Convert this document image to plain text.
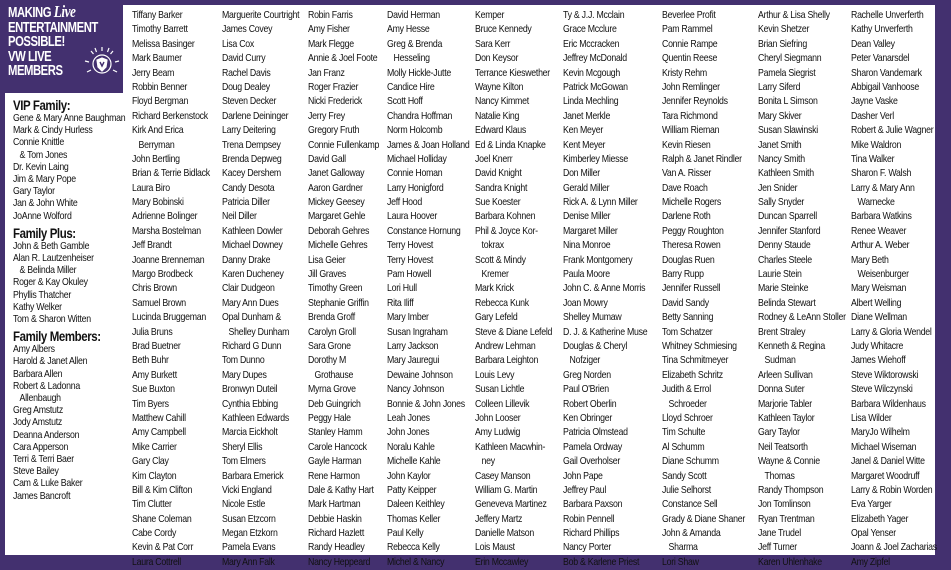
MAKING Live
ENTERTAINMENT
POSSIBLE!
VW LIVE
MEMBERS
VIP Family:
Gene & Mary Anne Baughman
Mark & Cindy Hurless
Connie Knittle
& Tom Jones
Dr. Kevin Laing
Jim & Mary Pope
Gary Taylor
Jan & John White
JoAnne Wolford
Family Plus:
John & Beth Gamble
Alan R. Lautzenheiser
& Belinda Miller
Roger & Kay Okuley
Phyllis Thatcher
Kathy Welker
Tom & Sharon Witten
Family Members:
Amy Albers
Harold & Janet Allen
Barbara Allen
Robert & Ladonna
Allenbaugh
Greg Amstutz
Jody Amstutz
Deanna Anderson
Cara Apperson
Terri & Terri Baer
Steve Bailey
Cam & Luke Baker
James Bancroft
Tiffany Barker
Timothy Barrett
Melissa Basinger
Mark Baumer
Jerry Beam
Robbin Benner
Floyd Bergman
Richard Berkenstock
Kirk And Erica
Berryman
John Bertling
Brian & Terrie Bidlack
Laura Biro
Mary Bobinski
Adrienne Bolinger
Marsha Bostelman
Jeff Brandt
Joanne Brenneman
Margo Brodbeck
Chris Brown
Samuel Brown
Lucinda Bruggeman
Julia Bruns
Brad Buetner
Beth Buhr
Amy Burkett
Sue Buxton
Tim Byers
Matthew Cahill
Amy Campbell
Mike Carrier
Gary Clay
Kim Clayton
Bill & Kim Clifton
Tim Clutter
Shane Coleman
Cabe Cordy
Kevin & Pat Corr
Laura Cottrell
Marguerite Courtright
James Covey
Lisa Cox
David Curry
Rachel Davis
Doug Dealey
Steven Decker
Darlene Deininger
Larry Deitering
Trena Dempsey
Brenda Depweg
Kacey Dershem
Candy Desota
Patricia Diller
Neil Diller
Kathleen Dowler
Michael Downey
Danny Drake
Karen Ducheney
Clair Dudgeon
Mary Ann Dues
Opal Dunham &
Shelley Dunham
Richard G Dunn
Tom Dunno
Mary Dupes
Bronwyn Duteil
Cynthia Ebbing
Kathleen Edwards
Marcia Eickholt
Sheryl Ellis
Tom Elmers
Barbara Emerick
Vicki England
Nicole Estle
Susan Etzcorn
Megan Etzkorn
Pamela Evans
Mary Ann Falk
Robin Farris
Amy Fisher
Mark Flegge
Annie & Joel Foote
Jan Franz
Roger Frazier
Nicki Frederick
Jerry Frey
Gregory Fruth
Connie Fullenkamp
David Gall
Janet Galloway
Aaron Gardner
Mickey Geesey
Margaret Gehle
Deborah Gehres
Michelle Gehres
Lisa Geier
Jill Graves
Timothy Green
Stephanie Griffin
Brenda Groff
Carolyn Groll
Sara Grone
Dorothy M
Grothause
Myrna Grove
Deb Guingrich
Peggy Hale
Stanley Hamm
Carole Hancock
Gayle Harman
Rene Harmon
Dale & Kathy Hart
Mark Hartman
Debbie Haskin
Richard Hazlett
Randy Headley
Nancy Heppeard
David Herman
Amy Hesse
Greg & Brenda
Hesseling
Molly Hickle-Jutte
Candice Hire
Scott Hoff
Chandra Hoffman
Norm Holcomb
James & Joan Holland
Michael Holliday
Connie Homan
Larry Honigford
Jeff Hood
Laura Hoover
Constance Hornung
Terry Hovest
Terry Hovest
Pam Howell
Lori Hull
Rita Iliff
Mary Imber
Susan Ingraham
Larry Jackson
Mary Jauregui
Dewaine Johnson
Nancy Johnson
Bonnie & John Jones
Leah Jones
John Jones
Noralu Kahle
Michelle Kahle
John Kaylor
Patty Keipper
Daleen Keithley
Thomas Keller
Paul Kelly
Rebecca Kelly
Michel & Nancy
Kemper
Bruce Kennedy
Sara Kerr
Don Keysor
Terrance Kieswether
Wayne Kilton
Nancy Kimmet
Natalie King
Edward Klaus
Ed & Linda Knapke
Joel Knerr
David Knight
Sandra Knight
Sue Koester
Barbara Kohnen
Phil & Joyce Kor-
tokrax
Scott & Mindy
Kremer
Mark Krick
Rebecca Kunk
Gary Lefeld
Steve & Diane Lefeld
Andrew Lehman
Barbara Leighton
Louis Levy
Susan Lichtle
Colleen Lillevik
John Looser
Amy Ludwig
Kathleen Macwhin-
ney
Casey Manson
William G. Martin
Geneveva Martinez
Jeffery Martz
Danielle Matson
Lois Maust
Erin Mccawley
Ty & J.J. Mcclain
Grace Mcclure
Eric Mccracken
Jeffrey McDonald
Kevin Mcgough
Patrick McGowan
Linda Mechling
Janet Merkle
Ken Meyer
Kent Meyer
Kimberley Miesse
Don Miller
Gerald Miller
Rick A. & Lynn Miller
Denise Miller
Margaret Miller
Nina Monroe
Frank Montgomery
Paula Moore
John C. & Anne Morris
Joan Mowry
Shelley Mumaw
D. J. & Katherine Muse
Douglas & Cheryl
Nofziger
Greg Norden
Paul O'Brien
Robert Oberlin
Ken Obringer
Patricia Olmstead
Pamela Ordway
Gail Overholser
John Pape
Jeffrey Paul
Barbara Paxson
Robin Pennell
Richard Phillips
Nancy Porter
Bob & Karlene Priest
Beverlee Profit
Pam Rammel
Connie Rampe
Quentin Reese
Kristy Rehm
John Remlinger
Jennifer Reynolds
Tara Richmond
William Rieman
Kevin Riesen
Ralph & Janet Rindler
Van A. Risser
Dave Roach
Michelle Rogers
Darlene Roth
Peggy Roughton
Theresa Rowen
Douglas Ruen
Barry Rupp
Jennifer Russell
David Sandy
Betty Sanning
Tom Schatzer
Whitney Schmiesing
Tina Schmitmeyer
Elizabeth Schritz
Judith & Errol
Schroeder
Lloyd Schroer
Tim Schulte
Al Schumm
Diane Schumm
Sandy Scott
Julie Selhorst
Constance Sell
Grady & Diane Shaner
John & Amanda
Sharma
Lori Shaw
Arthur & Lisa Shelly
Kevin Shetzer
Brian Siefring
Cheryl Siegmann
Pamela Siegrist
Larry Siferd
Bonita L Simson
Mary Skiver
Susan Slawinski
Janet Smith
Nancy Smith
Kathleen Smith
Jen Snider
Sally Snyder
Duncan Sparrell
Jennifer Stanford
Denny Staude
Charles Steele
Laurie Stein
Marie Steinke
Belinda Stewart
Rodney & LeAnn Stoller
Brent Straley
Kenneth & Regina
Sudman
Arleen Sullivan
Donna Suter
Marjorie Tabler
Kathleen Taylor
Gary Taylor
Neil Teatsorth
Wayne & Connie
Thomas
Randy Thompson
Jon Tomlinson
Ryan Trentman
Jane Trudel
Jeff Turner
Karen Uhlenhake
Rachelle Unverferth
Kathy Unverferth
Dean Valley
Peter Vanarsdel
Sharon Vandemark
Abbigail Vanhoose
Jayne Vaske
Dasher Verl
Robert & Julie Wagner
Mike Waldron
Tina Walker
Sharon F. Walsh
Larry & Mary Ann
Warnecke
Barbara Watkins
Renee Weaver
Arthur A. Weber
Mary Beth
Weisenburger
Mary Weisman
Albert Welling
Diane Wellman
Larry & Gloria Wendel
Judy Whitacre
James Wiehoff
Steve Wiktorowski
Steve Wilczynski
Barbara Wildenhaus
Lisa Wilder
MaryJo Wilhelm
Michael Wiseman
Janel & Daniel Witte
Margaret Woodruff
Larry & Robin Worden
Eva Yarger
Elizabeth Yager
Opal Yenser
Joann & Joel Zacharias
Amy Zipfel
